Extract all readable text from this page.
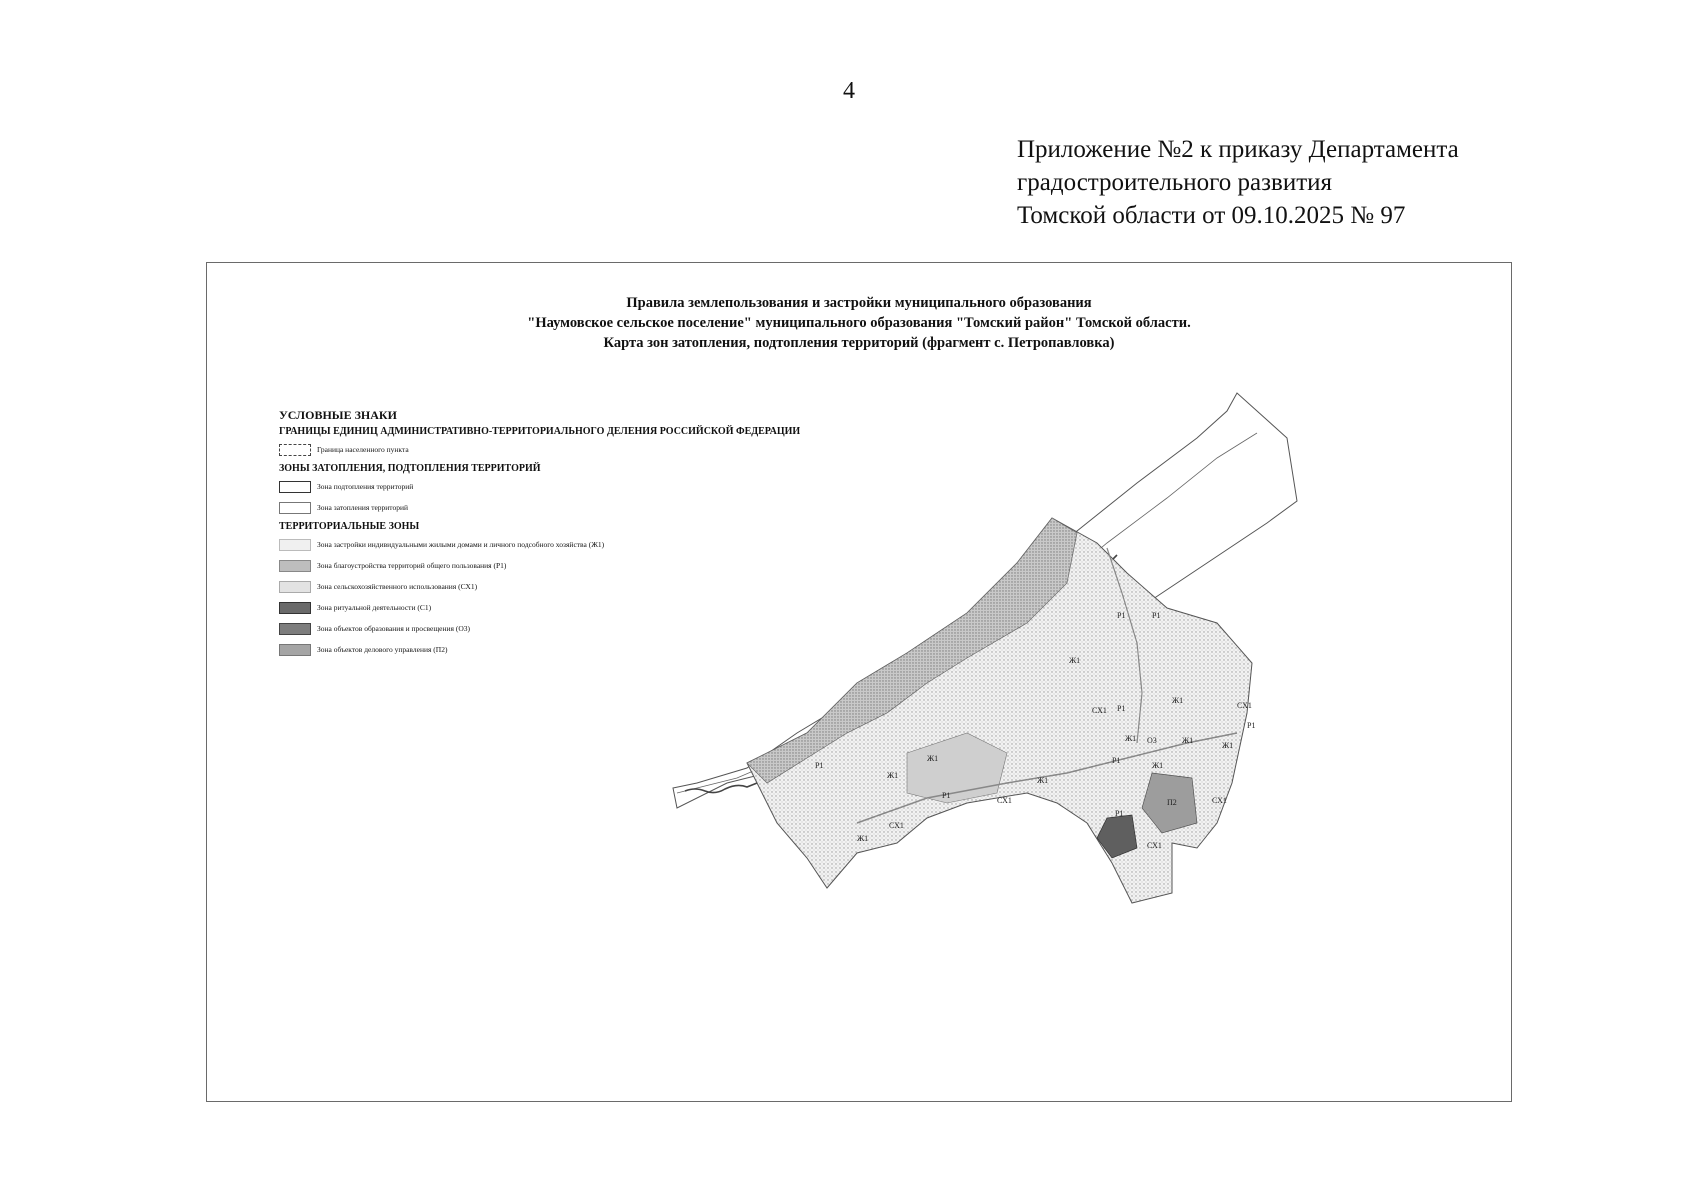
4
Приложение №2 к приказу Департамента
градостроительного развития
Томской области от 09.10.2025 № 97
Р1
Ж1
Ж1
Ж1
Ж1
Ж1
Р1
Р1	Р1
Р1
Р1
Р1
СХ1
СХ1
СХ1
СХ1
СХ1
СХ1
О3
П2
Ж1
Ж1
Ж1
Ж1
Ж1
Р1
Правила землепользования и застройки муниципального образования
"Наумовское сельское поселение" муниципального образования "Томский район" Томской области.
Карта зон затопления, подтопления территорий (фрагмент с. Петропавловка)
УСЛОВНЫЕ ЗНАКИ
ГРАНИЦЫ ЕДИНИЦ АДМИНИСТРАТИВНО-ТЕРРИТОРИАЛЬНОГО ДЕЛЕНИЯ РОССИЙСКОЙ ФЕДЕРАЦИИ
Граница населенного пункта
ЗОНЫ ЗАТОПЛЕНИЯ, ПОДТОПЛЕНИЯ ТЕРРИТОРИЙ
Зона подтопления территорий
Зона затопления территорий
ТЕРРИТОРИАЛЬНЫЕ ЗОНЫ
Зона застройки индивидуальными жилыми домами и личного подсобного хозяйства (Ж1)
Зона благоустройства территорий общего пользования (Р1)
Зона сельскохозяйственного использования (СХ1)
Зона ритуальной деятельности (С1)
Зона объектов образования и просвещения (О3)
Зона объектов делового управления (П2)
